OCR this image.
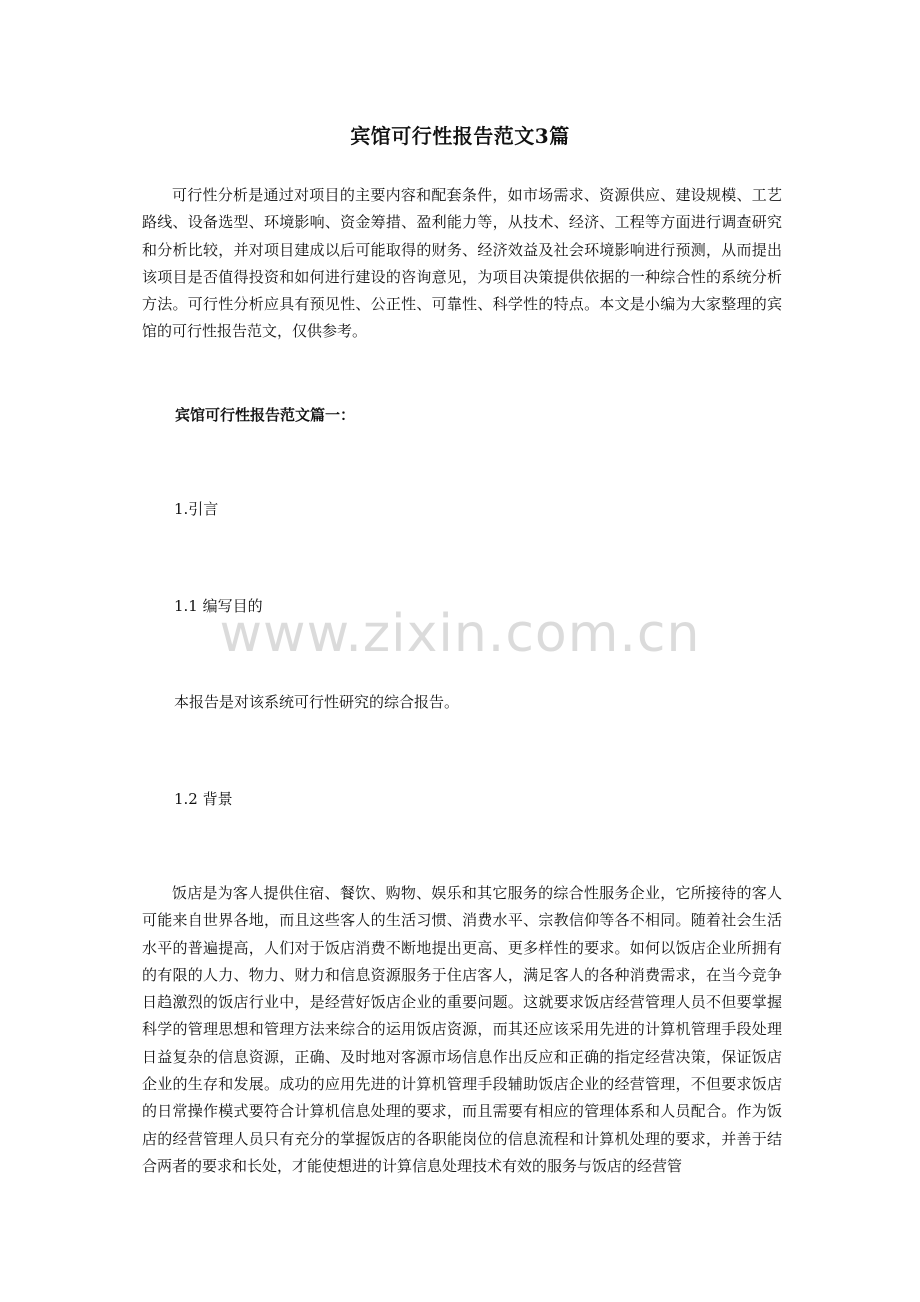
宾馆可行性报告范文3篇

可行性分析是通过对项目的主要内容和配套条件，如市场需求、资源供应、建设规模、工艺路线、设备选型、环境影响、资金筹措、盈利能力等，从技术、经济、工程等方面进行调查研究和分析比较，并对项目建成以后可能取得的财务、经济效益及社会环境影响进行预测，从而提出该项目是否值得投资和如何进行建设的咨询意见，为项目决策提供依据的一种综合性的系统分析方法。可行性分析应具有预见性、公正性、可靠性、科学性的特点。本文是小编为大家整理的宾馆的可行性报告范文，仅供参考。

宾馆可行性报告范文篇一：
1.引言
1.1 编写目的
本报告是对该系统可行性研究的综合报告。
1.2 背景

饭店是为客人提供住宿、餐饮、购物、娱乐和其它服务的综合性服务企业，它所接待的客人可能来自世界各地，而且这些客人的生活习惯、消费水平、宗教信仰等各不相同。随着社会生活水平的普遍提高，人们对于饭店消费不断地提出更高、更多样性的要求。如何以饭店企业所拥有的有限的人力、物力、财力和信息资源服务于住店客人，满足客人的各种消费需求，在当今竞争日趋激烈的饭店行业中，是经营好饭店企业的重要问题。这就要求饭店经营管理人员不但要掌握科学的管理思想和管理方法来综合的运用饭店资源，而其还应该采用先进的计算机管理手段处理日益复杂的信息资源，正确、及时地对客源市场信息作出反应和正确的指定经营决策，保证饭店企业的生存和发展。成功的应用先进的计算机管理手段辅助饭店企业的经营管理，不但要求饭店的日常操作模式要符合计算机信息处理的要求，而且需要有相应的管理体系和人员配合。作为饭店的经营管理人员只有充分的掌握饭店的各职能岗位的信息流程和计算机处理的要求，并善于结合两者的要求和长处，才能使想进的计算信息处理技术有效的服务与饭店的经营管

www.zixin.com.cn
